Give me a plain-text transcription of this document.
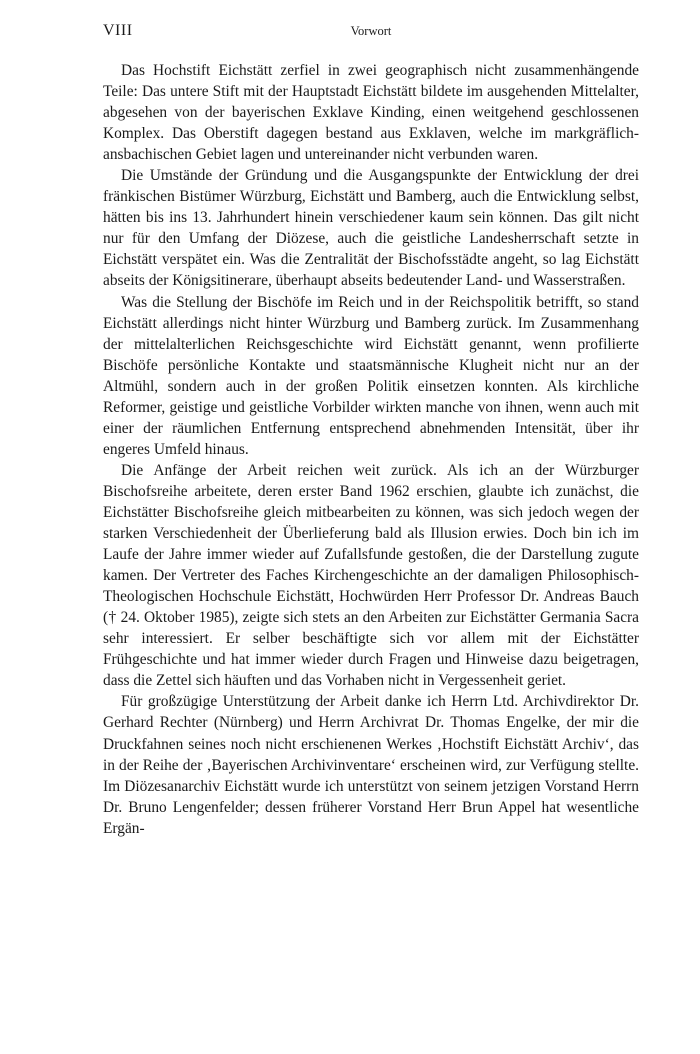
VIII	Vorwort

Das Hochstift Eichstätt zerfiel in zwei geographisch nicht zusammenhängende Teile: Das untere Stift mit der Hauptstadt Eichstätt bildete im ausgehenden Mittelalter, abgesehen von der bayerischen Exklave Kinding, einen weitgehend geschlossenen Komplex. Das Oberstift dagegen bestand aus Exklaven, welche im markgräflich-ansbachischen Gebiet lagen und untereinander nicht verbunden waren.

Die Umstände der Gründung und die Ausgangspunkte der Entwicklung der drei fränkischen Bistümer Würzburg, Eichstätt und Bamberg, auch die Entwicklung selbst, hätten bis ins 13. Jahrhundert hinein verschiedener kaum sein können. Das gilt nicht nur für den Umfang der Diözese, auch die geistliche Landesherrschaft setzte in Eichstätt verspätet ein. Was die Zentralität der Bischofsstädte angeht, so lag Eichstätt abseits der Königsitinerare, überhaupt abseits bedeutender Land- und Wasserstraßen.

Was die Stellung der Bischöfe im Reich und in der Reichspolitik betrifft, so stand Eichstätt allerdings nicht hinter Würzburg und Bamberg zurück. Im Zusammenhang der mittelalterlichen Reichsgeschichte wird Eichstätt genannt, wenn profilierte Bischöfe persönliche Kontakte und staatsmännische Klugheit nicht nur an der Altmühl, sondern auch in der großen Politik einsetzen konnten. Als kirchliche Reformer, geistige und geistliche Vorbilder wirkten manche von ihnen, wenn auch mit einer der räumlichen Entfernung entsprechend abnehmenden Intensität, über ihr engeres Umfeld hinaus.

Die Anfänge der Arbeit reichen weit zurück. Als ich an der Würzburger Bischofsreihe arbeitete, deren erster Band 1962 erschien, glaubte ich zunächst, die Eichstätter Bischofsreihe gleich mitbearbeiten zu können, was sich jedoch wegen der starken Verschiedenheit der Überlieferung bald als Illusion erwies. Doch bin ich im Laufe der Jahre immer wieder auf Zufallsfunde gestoßen, die der Darstellung zugute kamen. Der Vertreter des Faches Kirchengeschichte an der damaligen Philosophisch-Theologischen Hochschule Eichstätt, Hochwürden Herr Professor Dr. Andreas Bauch († 24. Oktober 1985), zeigte sich stets an den Arbeiten zur Eichstätter Germania Sacra sehr interessiert. Er selber beschäftigte sich vor allem mit der Eichstätter Frühgeschichte und hat immer wieder durch Fragen und Hinweise dazu beigetragen, dass die Zettel sich häuften und das Vorhaben nicht in Vergessenheit geriet.

Für großzügige Unterstützung der Arbeit danke ich Herrn Ltd. Archivdirektor Dr. Gerhard Rechter (Nürnberg) und Herrn Archivrat Dr. Thomas Engelke, der mir die Druckfahnen seines noch nicht erschienenen Werkes ‚Hochstift Eichstätt Archiv‘, das in der Reihe der ‚Bayerischen Archivinventare‘ erscheinen wird, zur Verfügung stellte. Im Diözesanarchiv Eichstätt wurde ich unterstützt von seinem jetzigen Vorstand Herrn Dr. Bruno Lengenfelder; dessen früherer Vorstand Herr Brun Appel hat wesentliche Ergän-
